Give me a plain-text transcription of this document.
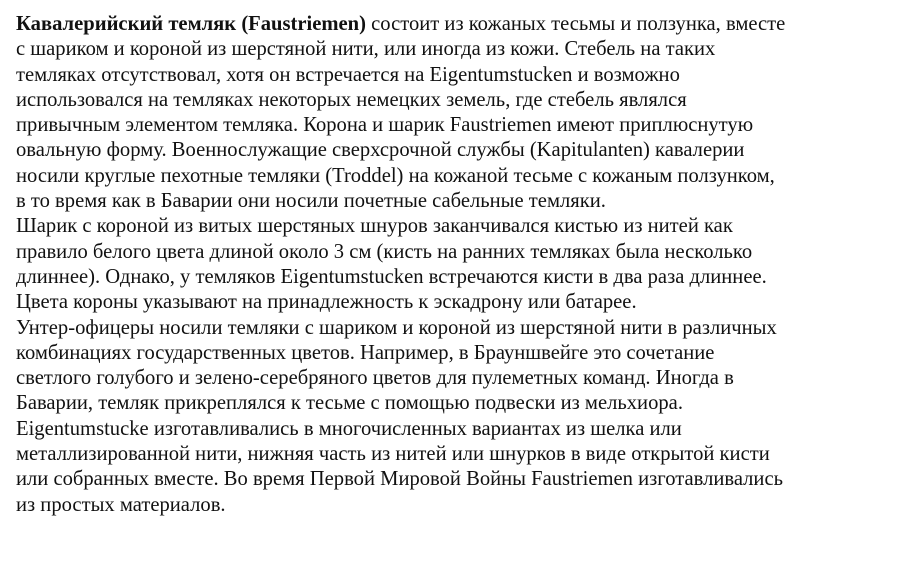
Кавалерийский темляк (Faustriemen) состоит из кожаных тесьмы и ползунка, вместе
с шариком и короной из шерстяной нити, или иногда из кожи. Стебель на таких
темляках отсутствовал, хотя он встречается на Eigentumstucken и возможно
использовался на темляках некоторых немецких земель, где стебель являлся
привычным элементом темляка. Корона и шарик Faustriemen имеют приплюснутую
овальную форму. Военнослужащие сверхсрочной службы (Kapitulanten) кавалерии
носили круглые пехотные темляки (Troddel) на кожаной тесьме с кожаным ползунком,
в то время как в Баварии они носили почетные сабельные темляки.
Шарик с короной из витых шерстяных шнуров заканчивался кистью из нитей как
правило белого цвета длиной около 3 см (кисть на ранних темляках была несколько
длиннее). Однако, у темляков Eigentumstucken встречаются кисти в два раза длиннее.
Цвета короны указывают на принадлежность к эскадрону или батарее.
Унтер-офицеры носили темляки с шариком и короной из шерстяной нити в различных
комбинациях государственных цветов. Например, в Брауншвейге это сочетание
светлого голубого и зелено-серебряного цветов для пулеметных команд. Иногда в
Баварии, темляк прикреплялся к тесьме с помощью подвески из мельхиора.
Eigentumstucke изготавливались в многочисленных вариантах из шелка или
металлизированной нити, нижняя часть из нитей или шнурков в виде открытой кисти
или собранных вместе. Во время Первой Мировой Войны Faustriemen изготавливались
из простых материалов.
